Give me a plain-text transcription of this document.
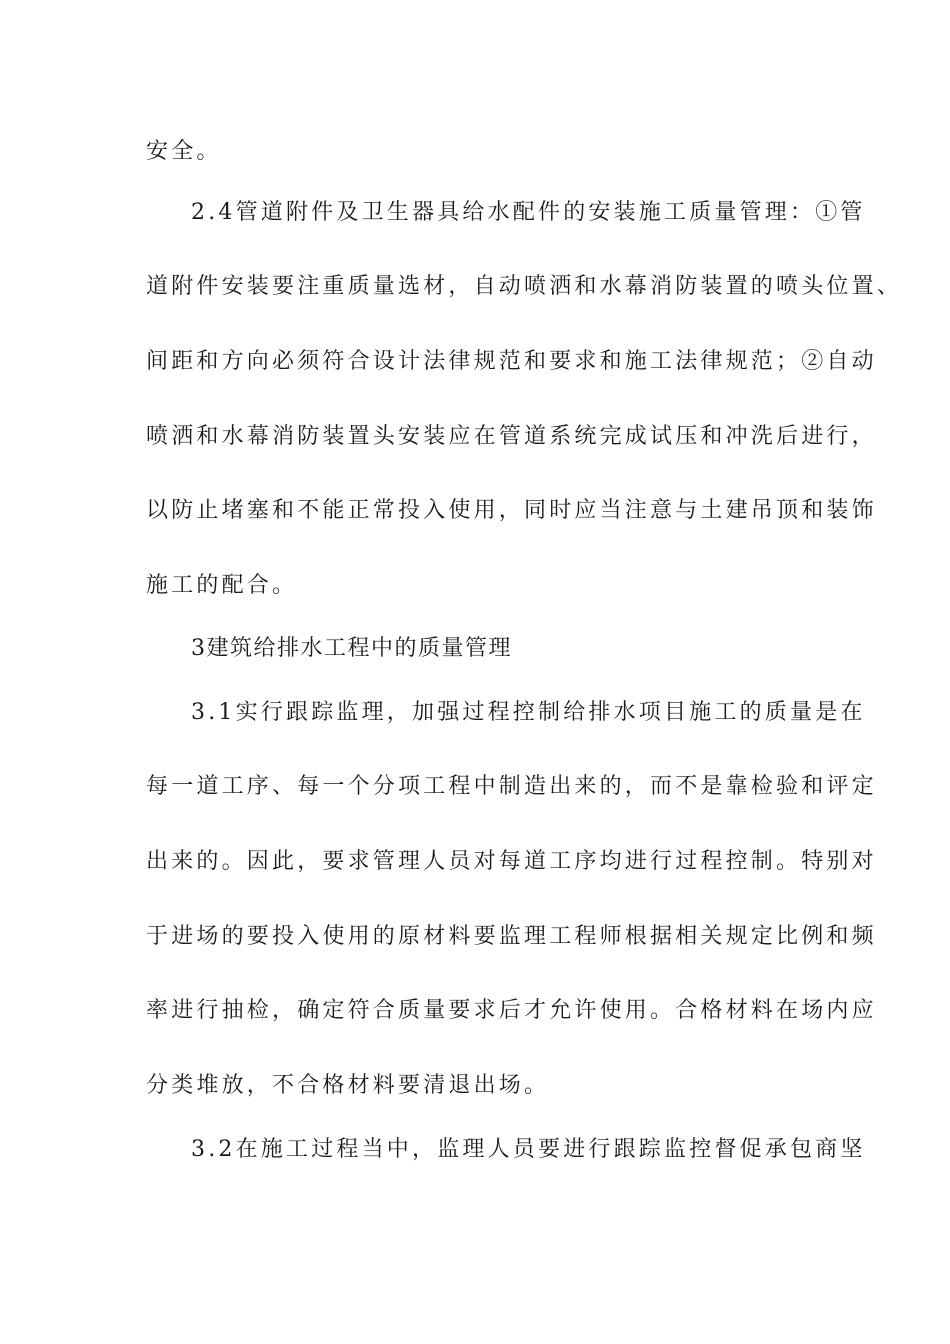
安全。
2.4管道附件及卫生器具给水配件的安装施工质量管理：①管
道附件安装要注重质量选材，自动喷洒和水幕消防装置的喷头位置、
间距和方向必须符合设计法律规范和要求和施工法律规范；②自动
喷洒和水幕消防装置头安装应在管道系统完成试压和冲洗后进行，
以防止堵塞和不能正常投入使用，同时应当注意与土建吊顶和装饰
施工的配合。
3建筑给排水工程中的质量管理
3.1实行跟踪监理，加强过程控制给排水项目施工的质量是在
每一道工序、每一个分项工程中制造出来的，而不是靠检验和评定
出来的。因此，要求管理人员对每道工序均进行过程控制。特别对
于进场的要投入使用的原材料要监理工程师根据相关规定比例和频
率进行抽检，确定符合质量要求后才允许使用。合格材料在场内应
分类堆放，不合格材料要清退出场。
3.2在施工过程当中，监理人员要进行跟踪监控督促承包商坚
